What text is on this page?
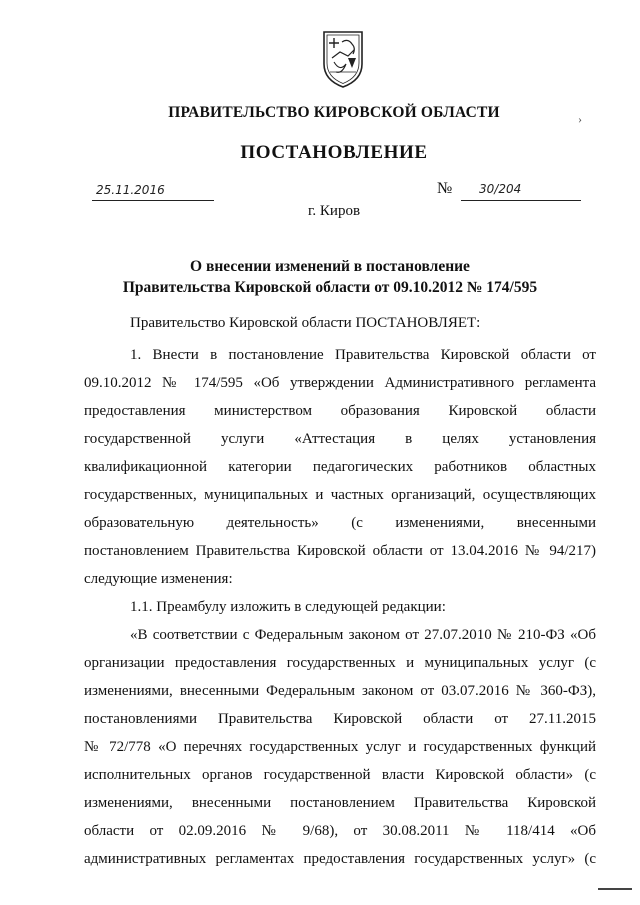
›
ПРАВИТЕЛЬСТВО КИРОВСКОЙ ОБЛАСТИ
ПОСТАНОВЛЕНИЕ
25.11.2016	№ 30/204
г. Киров
О внесении изменений в постановление
Правительства Кировской области от 09.10.2012 № 174/595
Правительство Кировской области ПОСТАНОВЛЯЕТ:
1. Внести в постановление Правительства Кировской области от
09.10.2012 № 174/595 «Об утверждении Административного регламента
предоставления министерством образования Кировской области
государственной услуги «Аттестация в целях установления
квалификационной категории педагогических работников областных
государственных, муниципальных и частных организаций, осуществляющих
образовательную деятельность» (с изменениями, внесенными
постановлением Правительства Кировской области от 13.04.2016 № 94/217)
следующие изменения:
1.1. Преамбулу изложить в следующей редакции:
«В соответствии с Федеральным законом от 27.07.2010 № 210-ФЗ «Об
организации предоставления государственных и муниципальных услуг (с
изменениями, внесенными Федеральным законом от 03.07.2016 № 360-ФЗ),
постановлениями Правительства Кировской области от 27.11.2015
№ 72/778 «О перечнях государственных услуг и государственных функций
исполнительных органов государственной власти Кировской области» (с
изменениями, внесенными постановлением Правительства Кировской
области от 02.09.2016 № 9/68), от 30.08.2011 № 118/414 «Об
административных регламентах предоставления государственных услуг» (с
